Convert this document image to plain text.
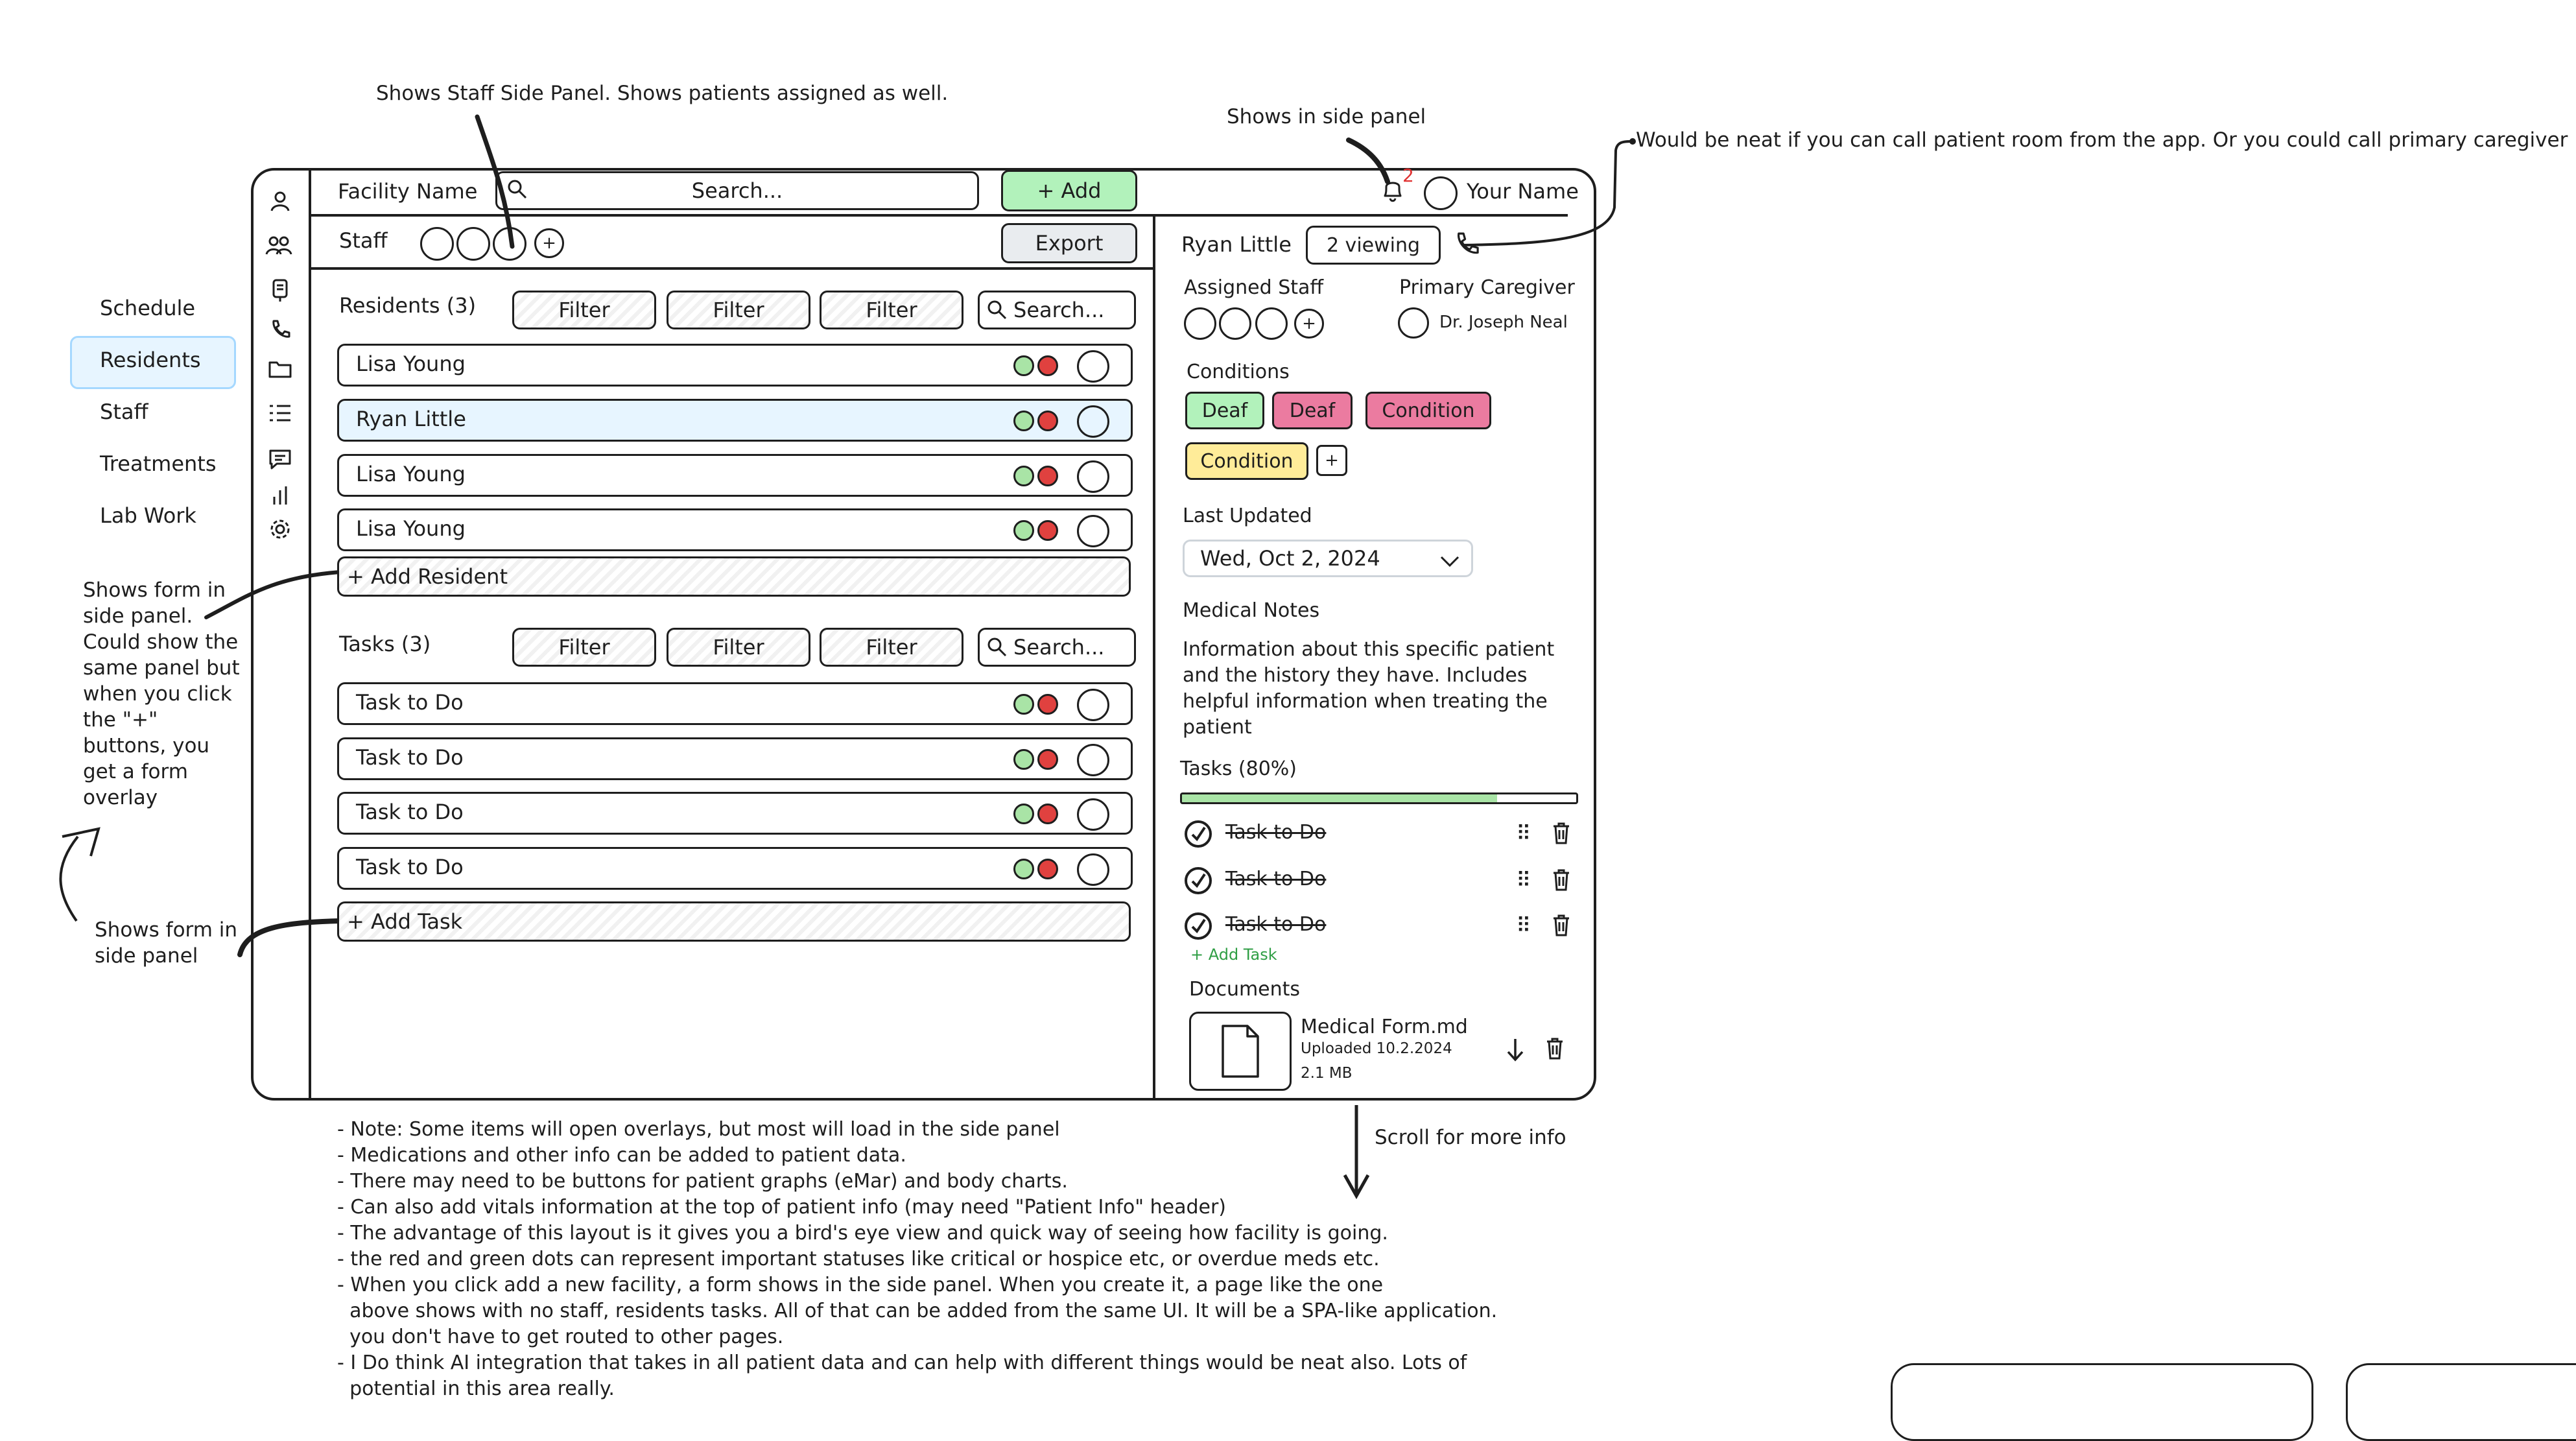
Shows Staff Side Panel. Shows patients assigned as well.
Shows in side panel
Would be neat if you can call patient room from the app. Or you could call primary caregiver
Shows form in side panel. Could show the same panel but when you click the "+" buttons, you get a form overlay
Shows form in side panel
Scroll for more info
Schedule
Residents
Staff
Treatments
Lab Work
Facility Name	Search...	+ Add
2
Your Name
Staff	+	Export
Residents (3)	Filter	Filter	Filter	Search...
Lisa Young
Ryan Little
Lisa Young
Lisa Young
+ Add Resident
Tasks (3)	Filter	Filter	Filter	Search...
Task to Do
Task to Do
Task to Do
Task to Do
+ Add Task
Ryan Little	2 viewing
Assigned Staff
+
Primary Caregiver
Dr. Joseph Neal
Conditions
Deaf	Deaf	Condition
Condition	+
Last Updated
Wed, Oct 2, 2024
Medical Notes
Information about this specific patient and the history they have. Includes helpful information when treating the patient
Tasks (80%)
Task to Do	⠿
Task to Do	⠿
Task to Do	⠿
+ Add Task
Documents
Medical Form.md
Uploaded 10.2.2024
2.1 MB
- Note: Some items will open overlays, but most will load in the side panel
- Medications and other info can be added to patient data.
- There may need to be buttons for patient graphs (eMar) and body charts.
- Can also add vitals information at the top of patient info (may need "Patient Info" header)
- The advantage of this layout is it gives you a bird's eye view and quick way of seeing how facility is going.
- the red and green dots can represent important statuses like critical or hospice etc, or overdue meds etc.
- When you click add a new facility, a form shows in the side panel. When you create it, a page like the one
above shows with no staff, residents tasks. All of that can be added from the same UI. It will be a SPA-like application.
you don't have to get routed to other pages.
- I Do think AI integration that takes in all patient data and can help with different things would be neat also. Lots of
potential in this area really.
